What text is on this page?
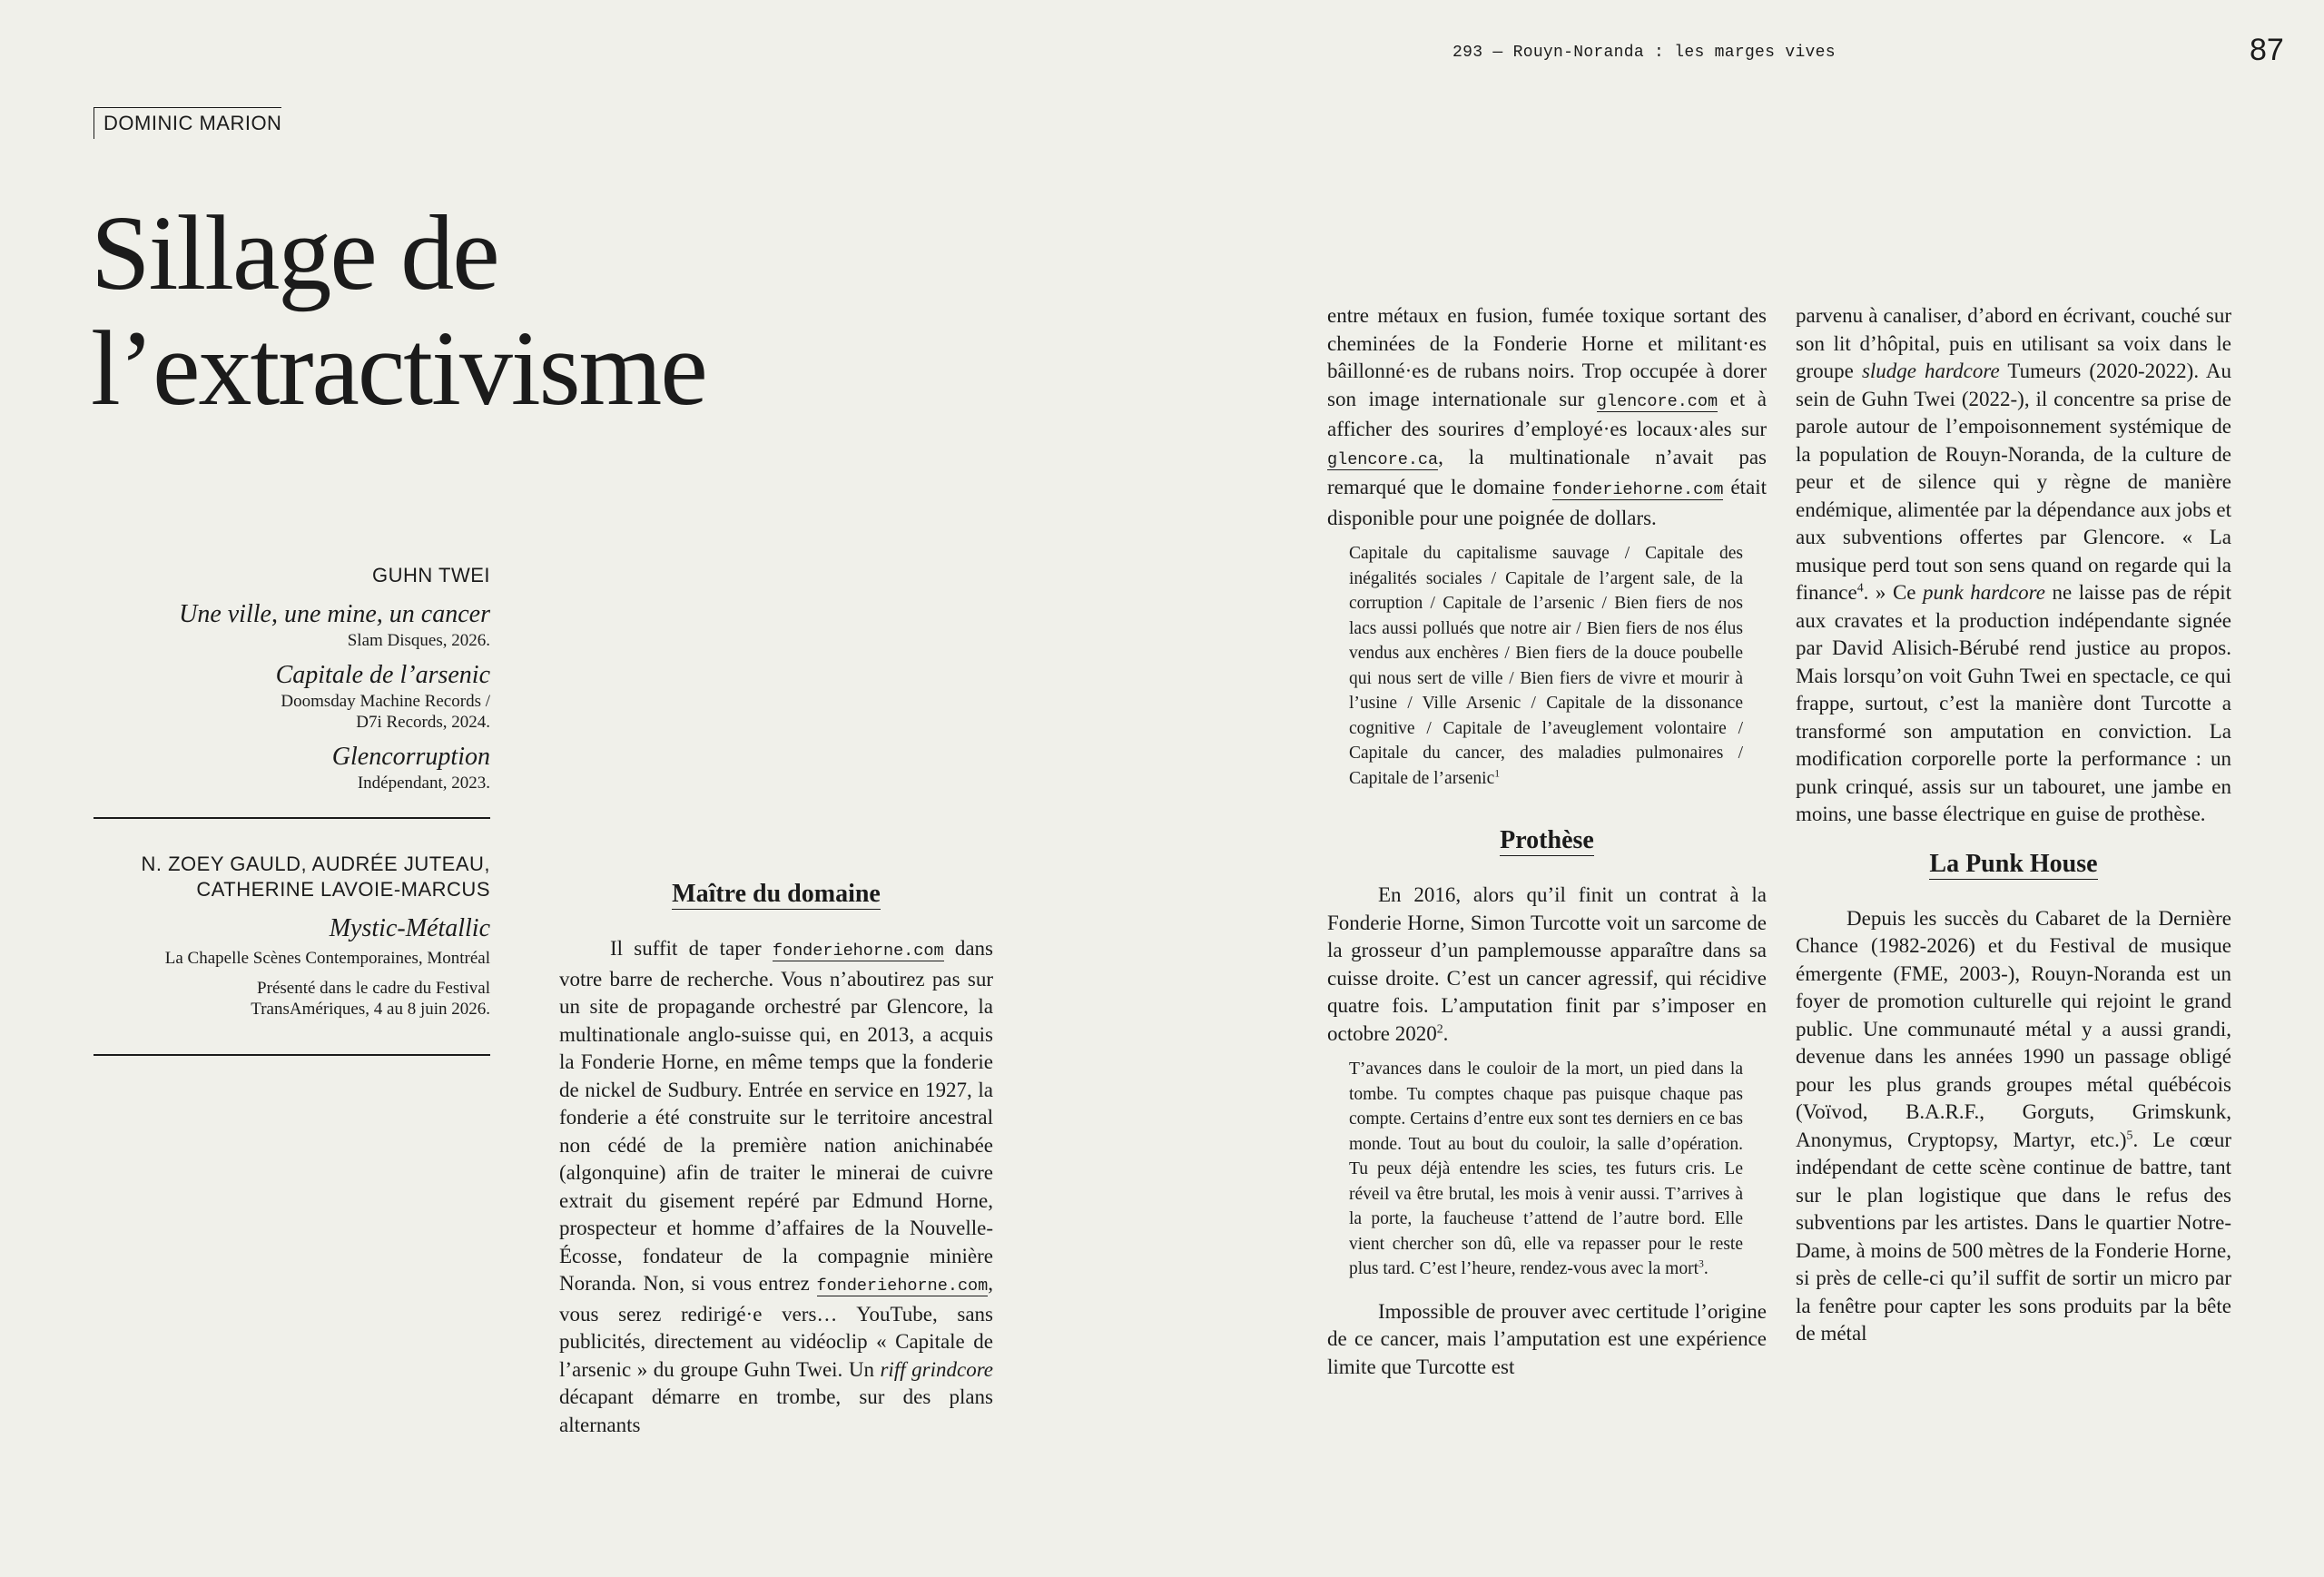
293 — Rouyn-Noranda : les marges vives	87
DOMINIC MARION
Sillage de
l’extractivisme
GUHN TWEI
Une ville, une mine, un cancer
Slam Disques, 2026.
Capitale de l’arsenic
Doomsday Machine Records /
D7i Records, 2024.
Glencorruption
Indépendant, 2023.
N. ZOEY GAULD, AUDRÉE JUTEAU,
CATHERINE LAVOIE-MARCUS
Mystic-Métallic
La Chapelle Scènes Contemporaines, Montréal
Présenté dans le cadre du Festival
TransAmériques, 4 au 8 juin 2026.
Maître du domaine

Il suffit de taper fonderiehorne.com dans votre barre de recherche. Vous n’aboutirez pas sur un site de propagande orchestré par Glencore, la multinationale anglo-suisse qui, en 2013, a acquis la Fonderie Horne, en même temps que la fonderie de nickel de Sudbury. Entrée en service en 1927, la fonderie a été construite sur le territoire ancestral non cédé de la première nation anichinabée (algonquine) afin de traiter le minerai de cuivre extrait du gisement repéré par Edmund Horne, prospecteur et homme d’affaires de la Nouvelle-Écosse, fondateur de la compagnie minière Noranda. Non, si vous entrez fonderiehorne.com, vous serez redirigé·e vers… YouTube, sans publicités, directement au vidéoclip « Capitale de l’arsenic » du groupe Guhn Twei. Un riff grindcore décapant démarre en trombe, sur des plans alternants

entre métaux en fusion, fumée toxique sortant des cheminées de la Fonderie Horne et militant·es bâillonné·es de rubans noirs. Trop occupée à dorer son image internationale sur glencore.com et à afficher des sourires d’employé·es locaux·ales sur glencore.ca, la multinationale n’avait pas remarqué que le domaine fonderiehorne.com était disponible pour une poignée de dollars.

Capitale du capitalisme sauvage / Capitale des inégalités sociales / Capitale de l’argent sale, de la corruption / Capitale de l’arsenic / Bien fiers de nos lacs aussi pollués que notre air / Bien fiers de nos élus vendus aux enchères / Bien fiers de la douce poubelle qui nous sert de ville / Bien fiers de vivre et mourir à l’usine / Ville Arsenic / Capitale de la dissonance cognitive / Capitale de l’aveuglement volontaire / Capitale du cancer, des maladies pulmonaires / Capitale de l’arsenic$^1$

Prothèse

En 2016, alors qu’il finit un contrat à la Fonderie Horne, Simon Turcotte voit un sarcome de la grosseur d’un pamplemousse apparaître dans sa cuisse droite. C’est un cancer agressif, qui récidive quatre fois. L’amputation finit par s’imposer en octobre 2020$^2$.

T’avances dans le couloir de la mort, un pied dans la tombe. Tu comptes chaque pas puisque chaque pas compte. Certains d’entre eux sont tes derniers en ce bas monde. Tout au bout du couloir, la salle d’opération. Tu peux déjà entendre les scies, tes futurs cris. Le réveil va être brutal, les mois à venir aussi. T’arrives à la porte, la faucheuse t’attend de l’autre bord. Elle vient chercher son dû, elle va repasser pour le reste plus tard. C’est l’heure, rendez-vous avec la mort$^3$.

Impossible de prouver avec certitude l’origine de ce cancer, mais l’amputation est une expérience limite que Turcotte est

parvenu à canaliser, d’abord en écrivant, couché sur son lit d’hôpital, puis en utilisant sa voix dans le groupe sludge hardcore Tumeurs (2020-2022). Au sein de Guhn Twei (2022-), il concentre sa prise de parole autour de l’empoisonnement systémique de la population de Rouyn-Noranda, de la culture de peur et de silence qui y règne de manière endémique, alimentée par la dépendance aux jobs et aux subventions offertes par Glencore. « La musique perd tout son sens quand on regarde qui la finance$^4$. » Ce punk hardcore ne laisse pas de répit aux cravates et la production indépendante signée par David Alisich-Bérubé rend justice au propos. Mais lorsqu’on voit Guhn Twei en spectacle, ce qui frappe, surtout, c’est la manière dont Turcotte a transformé son amputation en conviction. La modification corporelle porte la performance : un punk crinqué, assis sur un tabouret, une jambe en moins, une basse électrique en guise de prothèse.

La Punk House

Depuis les succès du Cabaret de la Dernière Chance (1982-2026) et du Festival de musique émergente (FME, 2003-), Rouyn-Noranda est un foyer de promotion culturelle qui rejoint le grand public. Une communauté métal y a aussi grandi, devenue dans les années 1990 un passage obligé pour les plus grands groupes métal québécois (Voïvod, B.A.R.F., Gorguts, Grimskunk, Anonymus, Cryptopsy, Martyr, etc.)$^5$. Le cœur indépendant de cette scène continue de battre, tant sur le plan logistique que dans le refus des subventions par les artistes. Dans le quartier Notre-Dame, à moins de 500 mètres de la Fonderie Horne, si près de celle-ci qu’il suffit de sortir un micro par la fenêtre pour capter les sons produits par la bête de métal
